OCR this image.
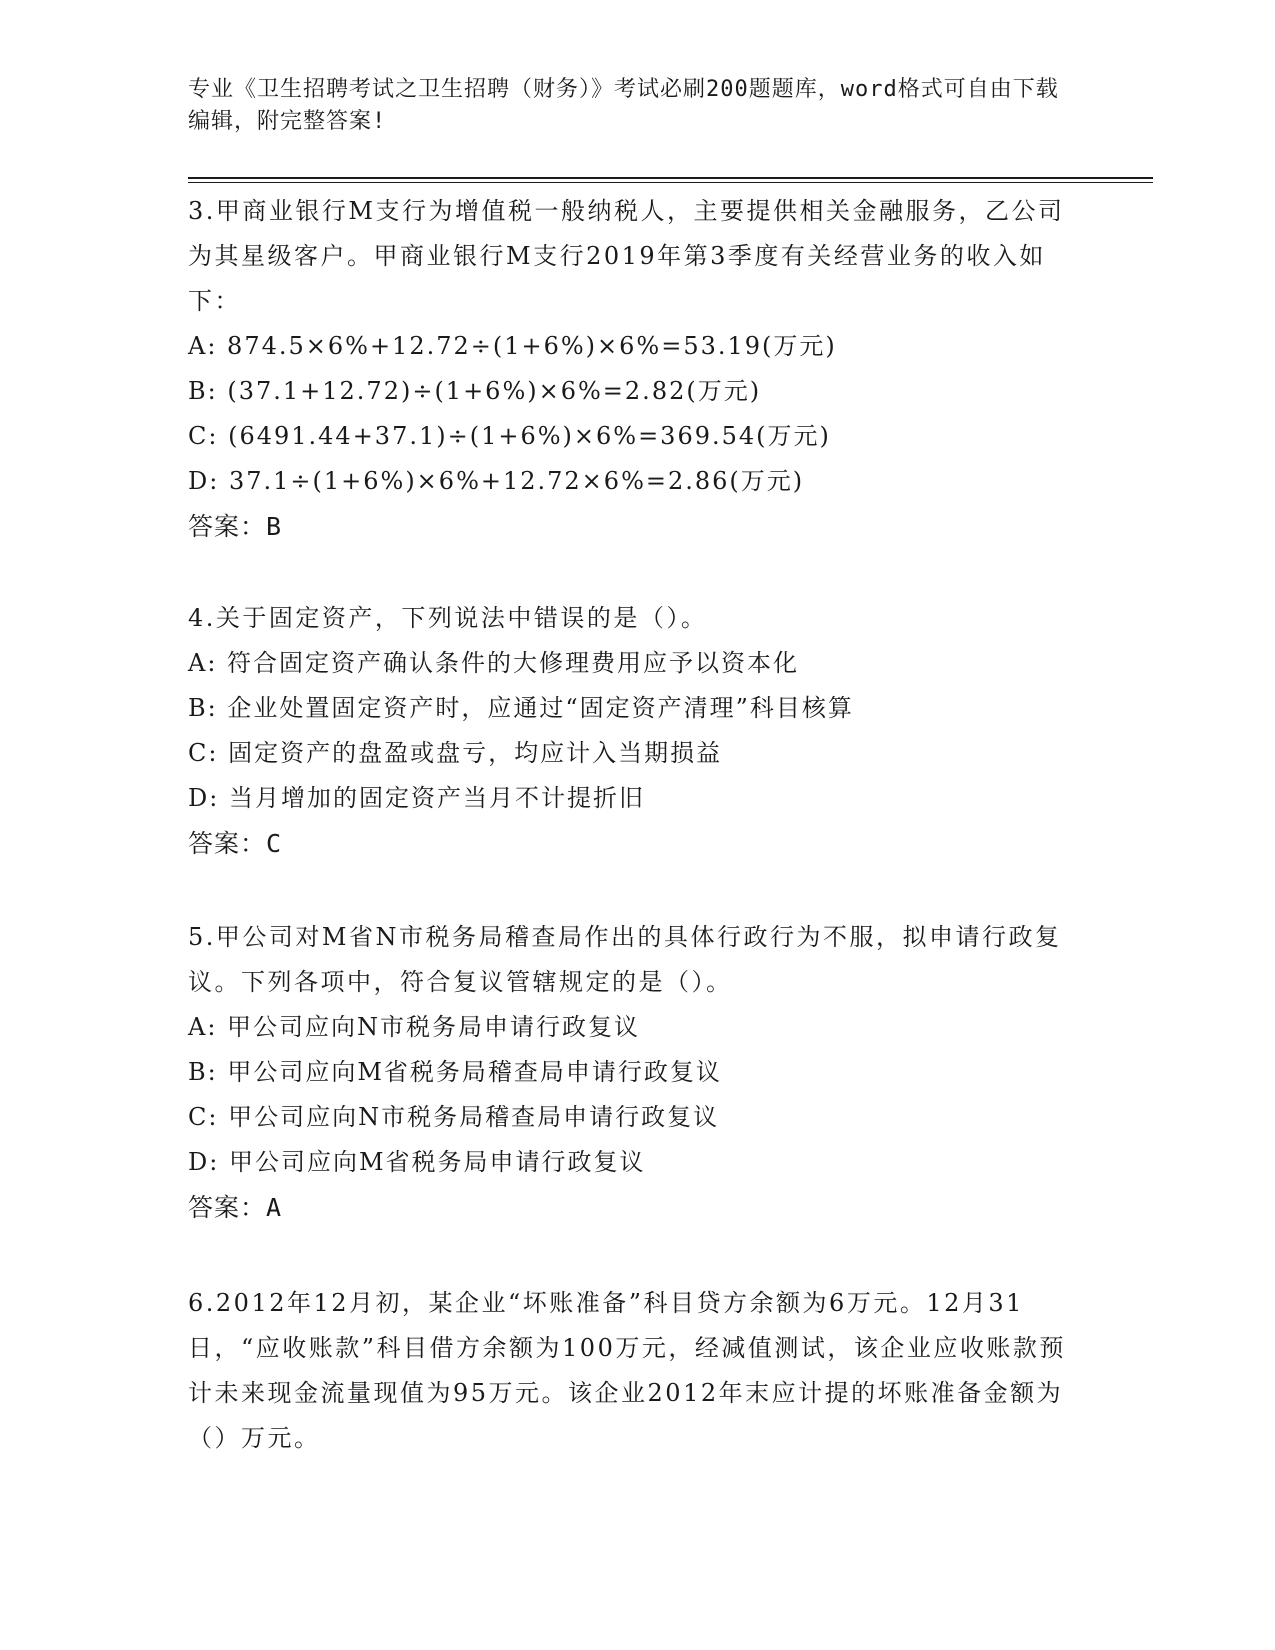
专业《卫生招聘考试之卫生招聘（财务）》考试必刷200题题库，word格式可自由下载编辑，附完整答案!
3.甲商业银行M支行为增值税一般纳税人，主要提供相关金融服务，乙公司为其星级客户。甲商业银行M支行2019年第3季度有关经营业务的收入如下：
A: 874.5×6%+12.72÷(1+6%)×6%=53.19(万元)
B: (37.1+12.72)÷(1+6%)×6%=2.82(万元)
C: (6491.44+37.1)÷(1+6%)×6%=369.54(万元)
D: 37.1÷(1+6%)×6%+12.72×6%=2.86(万元)
答案：B
4.关于固定资产，下列说法中错误的是（）。
A: 符合固定资产确认条件的大修理费用应予以资本化
B: 企业处置固定资产时，应通过“固定资产清理”科目核算
C: 固定资产的盘盈或盘亏，均应计入当期损益
D: 当月增加的固定资产当月不计提折旧
答案：C
5.甲公司对M省N市税务局稽查局作出的具体行政行为不服，拟申请行政复议。下列各项中，符合复议管辖规定的是（）。
A: 甲公司应向N市税务局申请行政复议
B: 甲公司应向M省税务局稽查局申请行政复议
C: 甲公司应向N市税务局稽查局申请行政复议
D: 甲公司应向M省税务局申请行政复议
答案：A
6.2012年12月初，某企业“坏账准备”科目贷方余额为6万元。12月31日，“应收账款”科目借方余额为100万元，经减值测试，该企业应收账款预计未来现金流量现值为95万元。该企业2012年末应计提的坏账准备金额为（）万元。
